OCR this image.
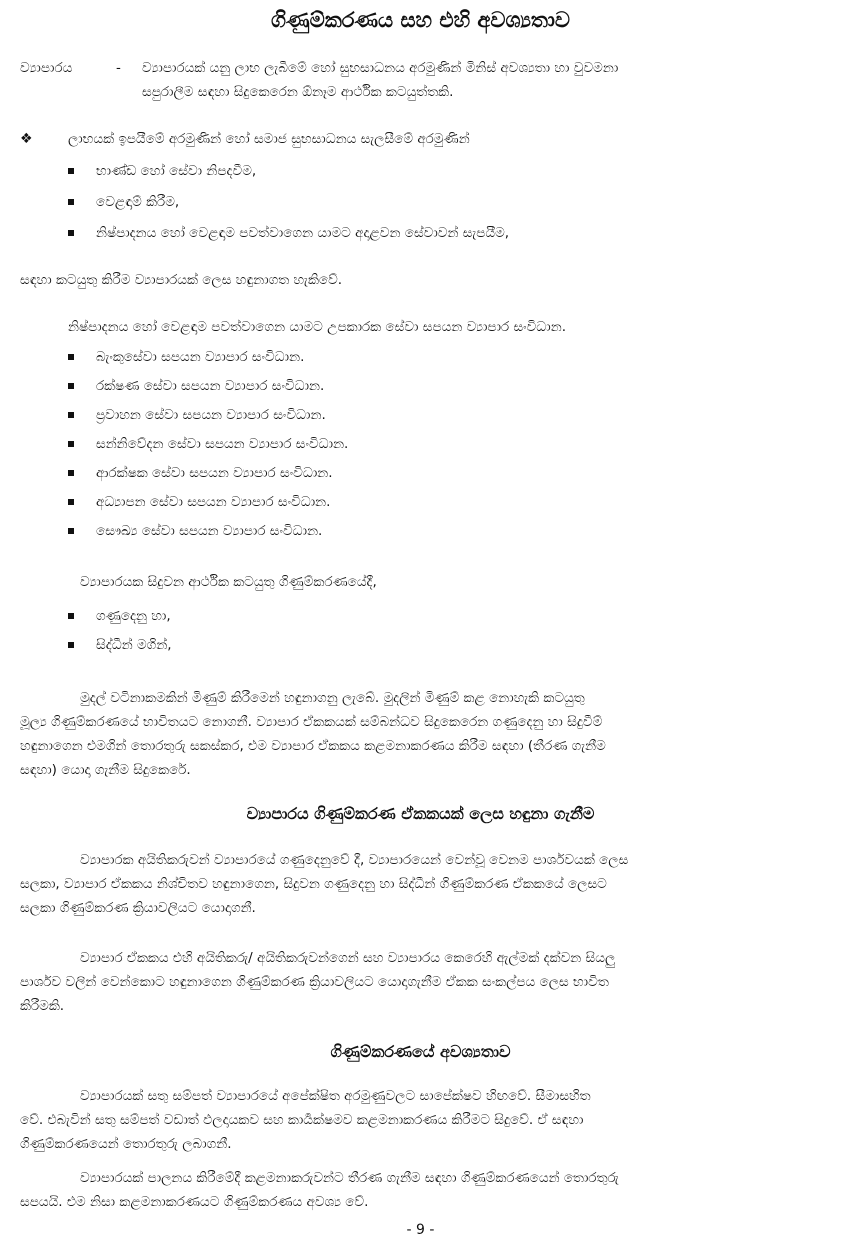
ගිණුම්කරණය සහ එහි අවශ්‍යතාව
ව්‍යාපාරය	- ව්‍යාපාරයක් යනු ලාභ ලැබීමේ හෝ සුභසාධනය අරමුණින් මිනිස් අවශ්‍යතා හා වුවමනා
සපුරාලීම සඳහා සිදුකෙරෙන ඕනෑම ආර්ථික කටයුත්තකි.
❖	ලාභයක් ඉපයීමේ අරමුණින් හෝ සමාජ සුභසාධනය සැලසීමේ අරමුණින්
භාණ්ඩ හෝ සේවා නිපදවීම,
වෙළඳාම් කිරීම,
නිෂ්පාදනය හෝ වෙළඳාම පවත්වාගෙන යාමට අදාළවන සේවාවන් සැපයීම,
සඳහා කටයුතු කිරීම ව්‍යාපාරයක් ලෙස හඳුනාගත හැකිවේ.
නිෂ්පාදනය හෝ වෙළඳාම පවත්වාගෙන යාමට උපකාරක සේවා සපයන ව්‍යාපාර සංවිධාන.
බැංකුසේවා සපයන ව්‍යාපාර සංවිධාන.
රක්ෂණ සේවා සපයන ව්‍යාපාර සංවිධාන.
ප්‍රවාහන සේවා සපයන ව්‍යාපාර සංවිධාන.
සන්නිවේදන සේවා සපයන ව්‍යාපාර සංවිධාන.
ආරක්ෂක සේවා සපයන ව්‍යාපාර සංවිධාන.
අධ්‍යාපන සේවා සපයන ව්‍යාපාර සංවිධාන.
සෞඛ්‍ය සේවා සපයන ව්‍යාපාර සංවිධාන.
ව්‍යාපාරයක සිදුවන ආර්ථික කටයුතු ගිණුම්කරණයේදී,
ගණුදෙනු හා,
සිද්ධීන් මගින්,
මුදල් වටිනාකමකින් මිණුම් කිරීමෙන් හඳුනාගනු ලැබේ. මුදලින් මිණුම් කළ නොහැකි කටයුතු
මූල්‍ය ගිණුම්කරණයේ භාවිතයට නොගනී. ව්‍යාපාර ඒකකයක් සම්බන්ධව සිදුකෙරෙන ගණුදෙනු හා සිදුවීම්
හඳුනාගෙන එමගින් තොරතුරු සකස්කර, එම ව්‍යාපාර ඒකකය කළමනාකරණය කිරීම සඳහා (තීරණ ගැනීම
සඳහා) යොදා ගැනීම සිදුකෙරේ.
ව්‍යාපාරය ගිණුම්කරණ ඒකකයක් ලෙස හඳුනා ගැනීම
ව්‍යාපාරක අයිතිකරුවන් ව්‍යාපාරයේ ගණුදෙනුවේ දී, ව්‍යාපාරයෙන් වෙන්වූ වෙනම පාර්ශවයක් ලෙස
සලකා, ව්‍යාපාර ඒකකය නිශ්චිතව හඳුනාගෙන, සිදුවන ගණුදෙනු හා සිද්ධීන් ගිණුම්කරණ ඒකකයේ ලෙසට
සලකා ගිණුම්කරණ ක්‍රියාවලියට යොදාගනී.
ව්‍යාපාර ඒකකය එහි අයිතිකරු/ අයිතිකරුවන්ගෙන් සහ ව්‍යාපාරය කෙරෙහි ඇල්මක් දක්වන සියලු
පාර්ශව වලින් වෙන්කොට හඳුනාගෙන ගිණුම්කරණ ක්‍රියාවලියට යොදාගැනීම ඒකක සංකල්පය ලෙස භාවිත
කිරීමකි.
ගිණුම්කරණයේ අවශ්‍යතාව
ව්‍යාපාරයක් සතු සම්පත් ව්‍යාපාරයේ අපේක්ෂිත අරමුණුවලට සාපේක්ෂව හිඟවේ. සීමාසහිත
වේ. එබැවින් සතු සම්පත් වඩාත් ඵලදායකව සහ කාර්‍යක්ෂමව කළමනාකරණය කිරීමට සිදුවේ. ඒ සඳහා
ගිණුම්කරණයෙන් තොරතුරු ලබාගනී.
ව්‍යාපාරයක් පාලනය කිරීමේදී කළමනාකරුවන්ට තීරණ ගැනීම සඳහා ගිණුම්කරණයෙන් තොරතුරු
සපයයි. එම නිසා කළමනාකරණයට ගිණුම්කරණය අවශ්‍ය වේ.
- 9 -
